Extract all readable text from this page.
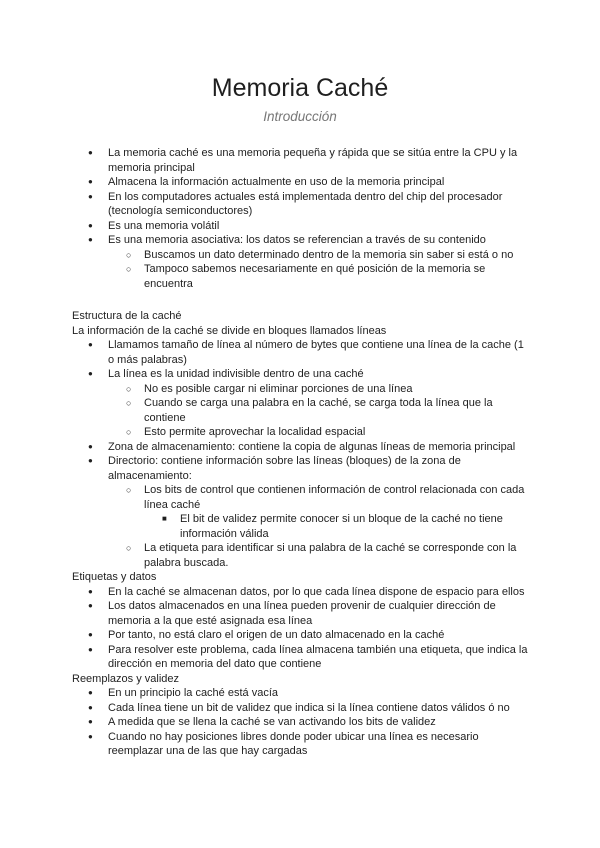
Memoria Caché
Introducción
● La memoria caché es una memoria pequeña y rápida que se sitúa entre la CPU y la memoria principal
● Almacena la información actualmente en uso de la memoria principal
● En los computadores actuales está implementada dentro del chip del procesador (tecnología semiconductores)
● Es una memoria volátil
● Es una memoria asociativa: los datos se referencian a través de su contenido
○ Buscamos un dato determinado dentro de la memoria sin saber si está o no
○ Tampoco sabemos necesariamente en qué posición de la memoria se encuentra
Estructura de la caché
La información de la caché se divide en bloques llamados líneas
● Llamamos tamaño de línea al número de bytes que contiene una línea de la cache (1 o más palabras)
● La línea es la unidad indivisible dentro de una caché
○ No es posible cargar ni eliminar porciones de una línea
○ Cuando se carga una palabra en la caché, se carga toda la línea que la contiene
○ Esto permite aprovechar la localidad espacial
● Zona de almacenamiento: contiene la copia de algunas líneas de memoria principal
● Directorio: contiene información sobre las líneas (bloques) de la zona de almacenamiento:
○ Los bits de control que contienen información de control relacionada con cada línea caché
■ El bit de validez permite conocer si un bloque de la caché no tiene información válida
○ La etiqueta para identificar si una palabra de la caché se corresponde con la palabra buscada.
Etiquetas y datos
● En la caché se almacenan datos, por lo que cada línea dispone de espacio para ellos
● Los datos almacenados en una línea pueden provenir de cualquier dirección de memoria a la que esté asignada esa línea
● Por tanto, no está claro el origen de un dato almacenado en la caché
● Para resolver este problema, cada línea almacena también una etiqueta, que indica la dirección en memoria del dato que contiene
Reemplazos y validez
● En un principio la caché está vacía
● Cada línea tiene un bit de validez que indica si la línea contiene datos válidos ó no
● A medida que se llena la caché se van activando los bits de validez
● Cuando no hay posiciones libres donde poder ubicar una línea es necesario reemplazar una de las que hay cargadas
